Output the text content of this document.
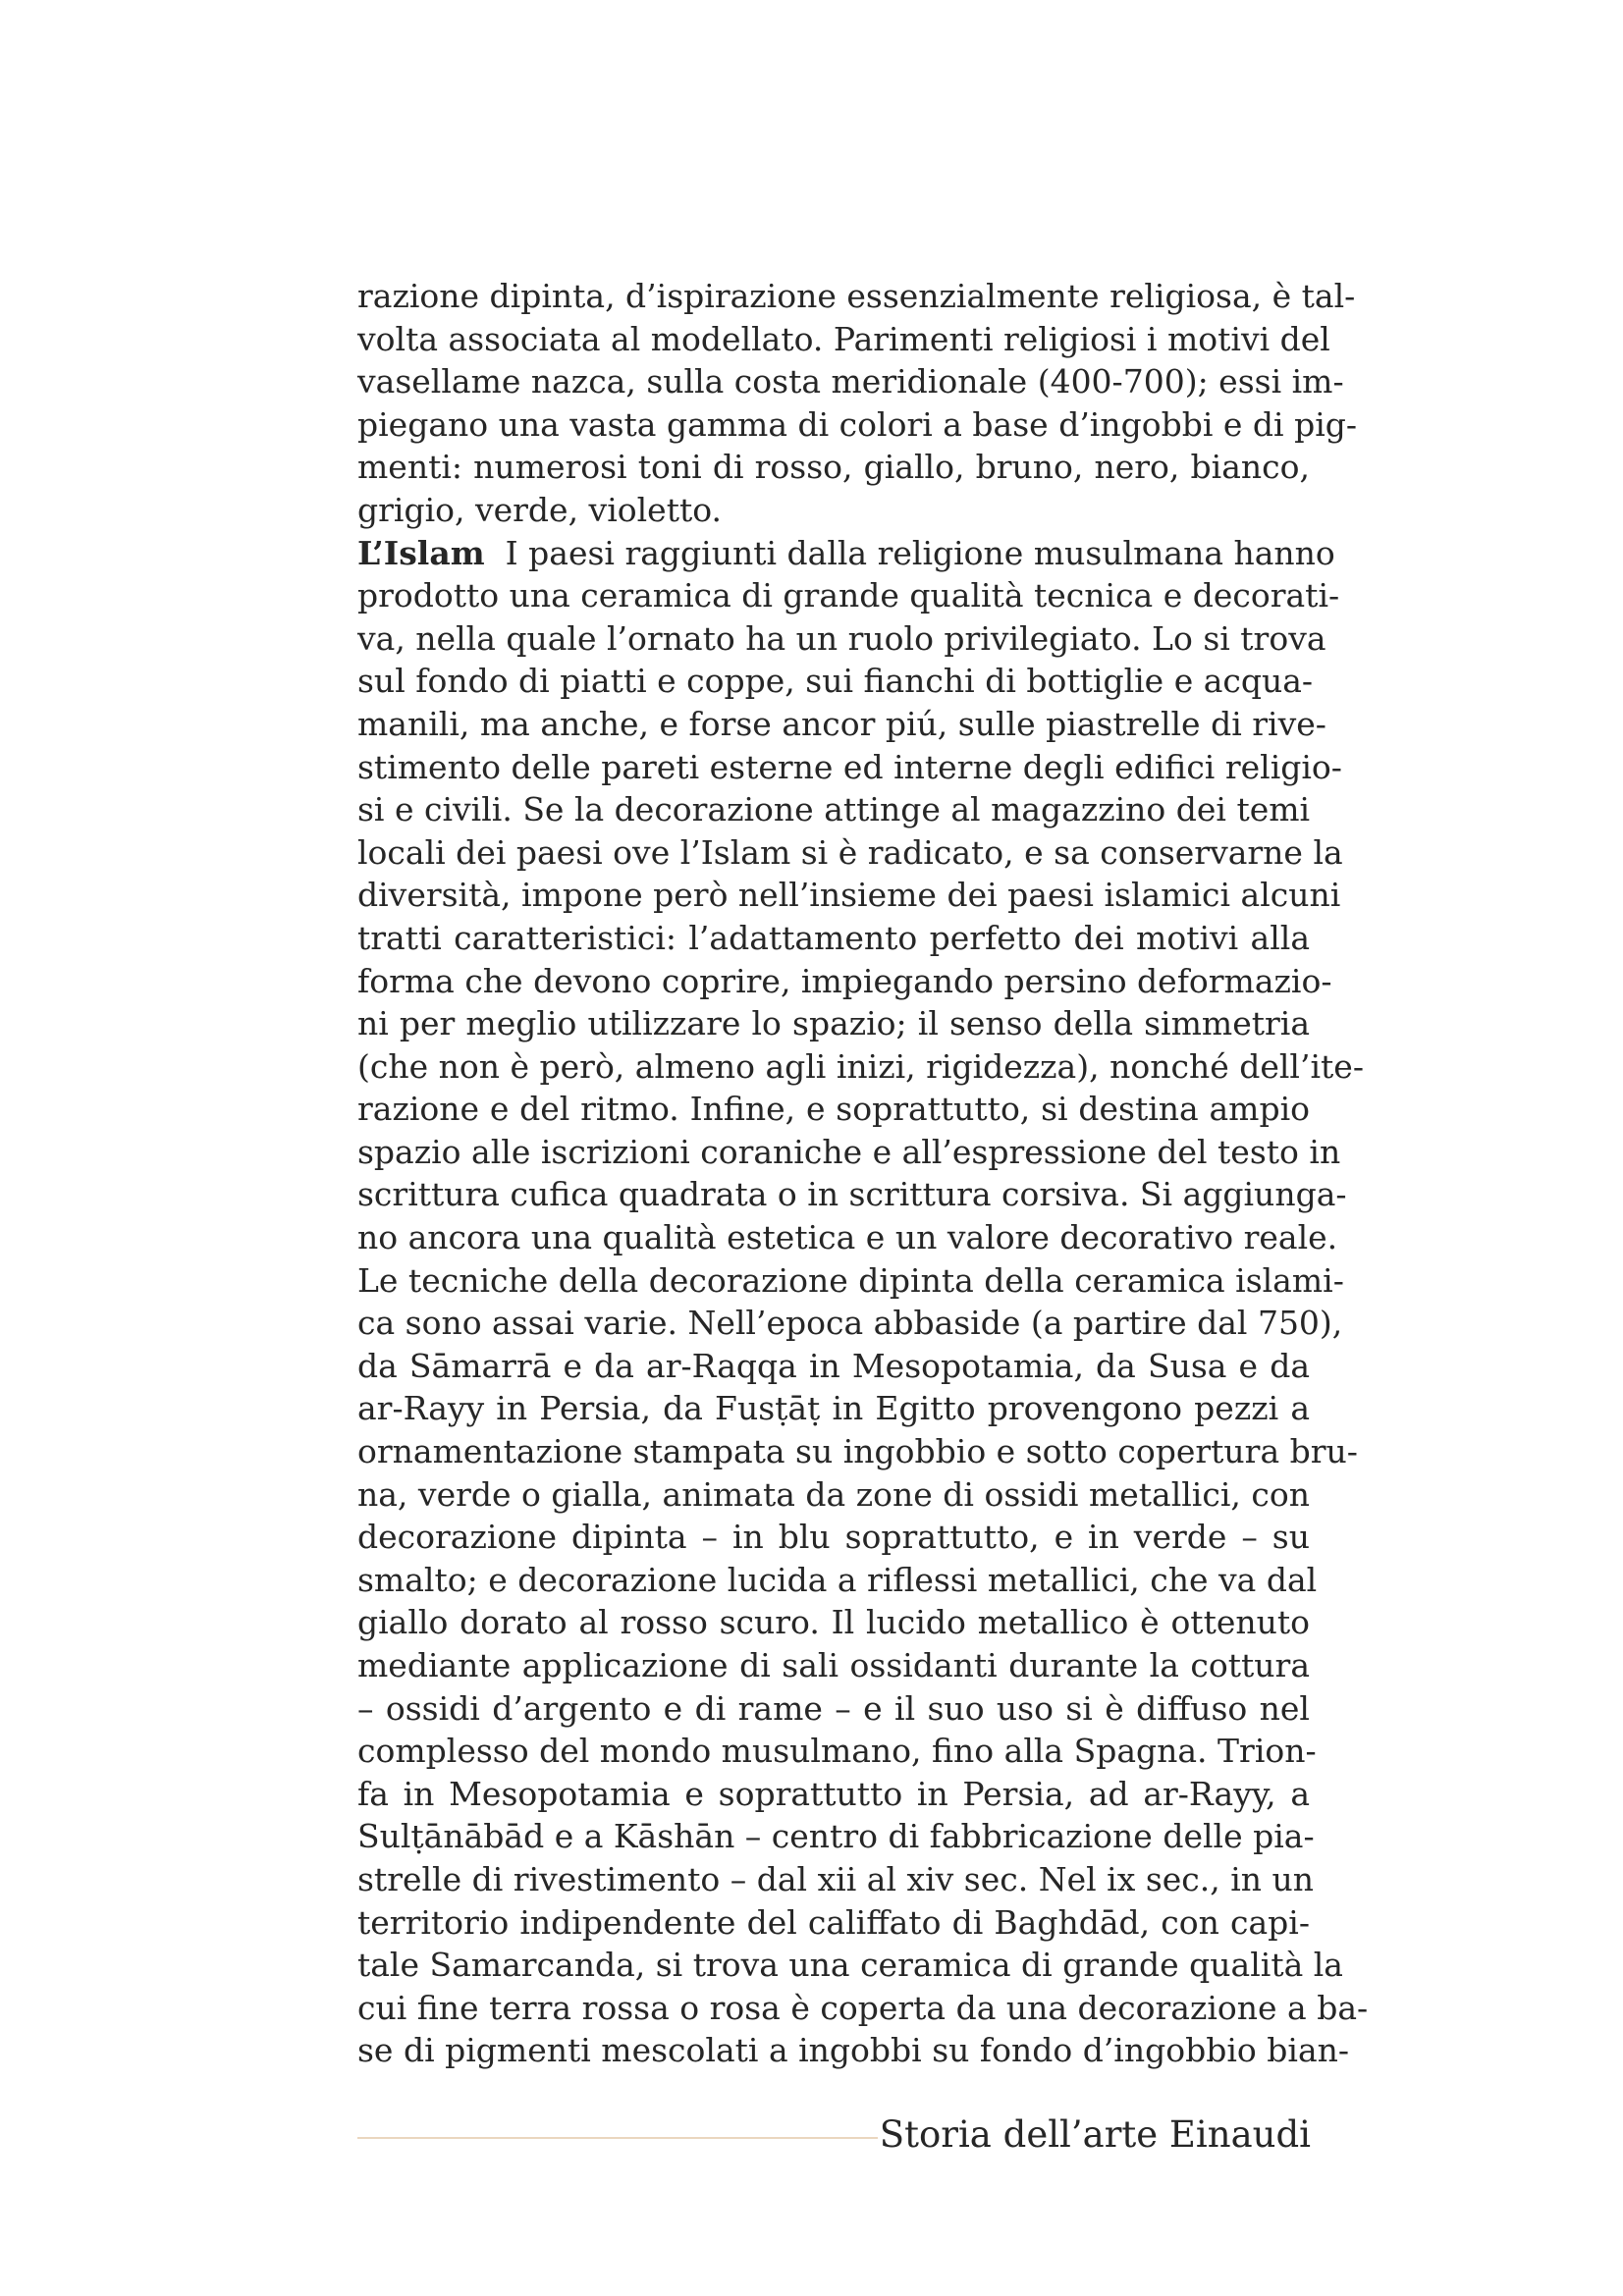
razione dipinta, d’ispirazione essenzialmente religiosa, è tal-
volta associata al modellato. Parimenti religiosi i motivi del
vasellame nazca, sulla costa meridionale (400-700); essi im-
piegano una vasta gamma di colori a base d’ingobbi e di pig-
menti: numerosi toni di rosso, giallo, bruno, nero, bianco,
grigio, verde, violetto.
L’Islam I paesi raggiunti dalla religione musulmana hanno
prodotto una ceramica di grande qualità tecnica e decorati-
va, nella quale l’ornato ha un ruolo privilegiato. Lo si trova
sul fondo di piatti e coppe, sui fianchi di bottiglie e acqua-
manili, ma anche, e forse ancor piú, sulle piastrelle di rive-
stimento delle pareti esterne ed interne degli edifici religio-
si e civili. Se la decorazione attinge al magazzino dei temi
locali dei paesi ove l’Islam si è radicato, e sa conservarne la
diversità, impone però nell’insieme dei paesi islamici alcuni
tratti caratteristici: l’adattamento perfetto dei motivi alla
forma che devono coprire, impiegando persino deformazio-
ni per meglio utilizzare lo spazio; il senso della simmetria
(che non è però, almeno agli inizi, rigidezza), nonché dell’ite-
razione e del ritmo. Infine, e soprattutto, si destina ampio
spazio alle iscrizioni coraniche e all’espressione del testo in
scrittura cufica quadrata o in scrittura corsiva. Si aggiunga-
no ancora una qualità estetica e un valore decorativo reale.
Le tecniche della decorazione dipinta della ceramica islami-
ca sono assai varie. Nell’epoca abbaside (a partire dal 750),
da Sāmarrā e da ar-Raqqa in Mesopotamia, da Susa e da
ar-Rayy in Persia, da Fusṭāṭ in Egitto provengono pezzi a
ornamentazione stampata su ingobbio e sotto copertura bru-
na, verde o gialla, animata da zone di ossidi metallici, con
decorazione dipinta – in blu soprattutto, e in verde – su
smalto; e decorazione lucida a riflessi metallici, che va dal
giallo dorato al rosso scuro. Il lucido metallico è ottenuto
mediante applicazione di sali ossidanti durante la cottura
– ossidi d’argento e di rame – e il suo uso si è diffuso nel
complesso del mondo musulmano, fino alla Spagna. Trion-
fa in Mesopotamia e soprattutto in Persia, ad ar-Rayy, a
Sulṭānābād e a Kāshān – centro di fabbricazione delle pia-
strelle di rivestimento – dal xii al xiv sec. Nel ix sec., in un
territorio indipendente del califfato di Baghdād, con capi-
tale Samarcanda, si trova una ceramica di grande qualità la
cui fine terra rossa o rosa è coperta da una decorazione a ba-
se di pigmenti mescolati a ingobbi su fondo d’ingobbio bian-
Storia dell’arte Einaudi
